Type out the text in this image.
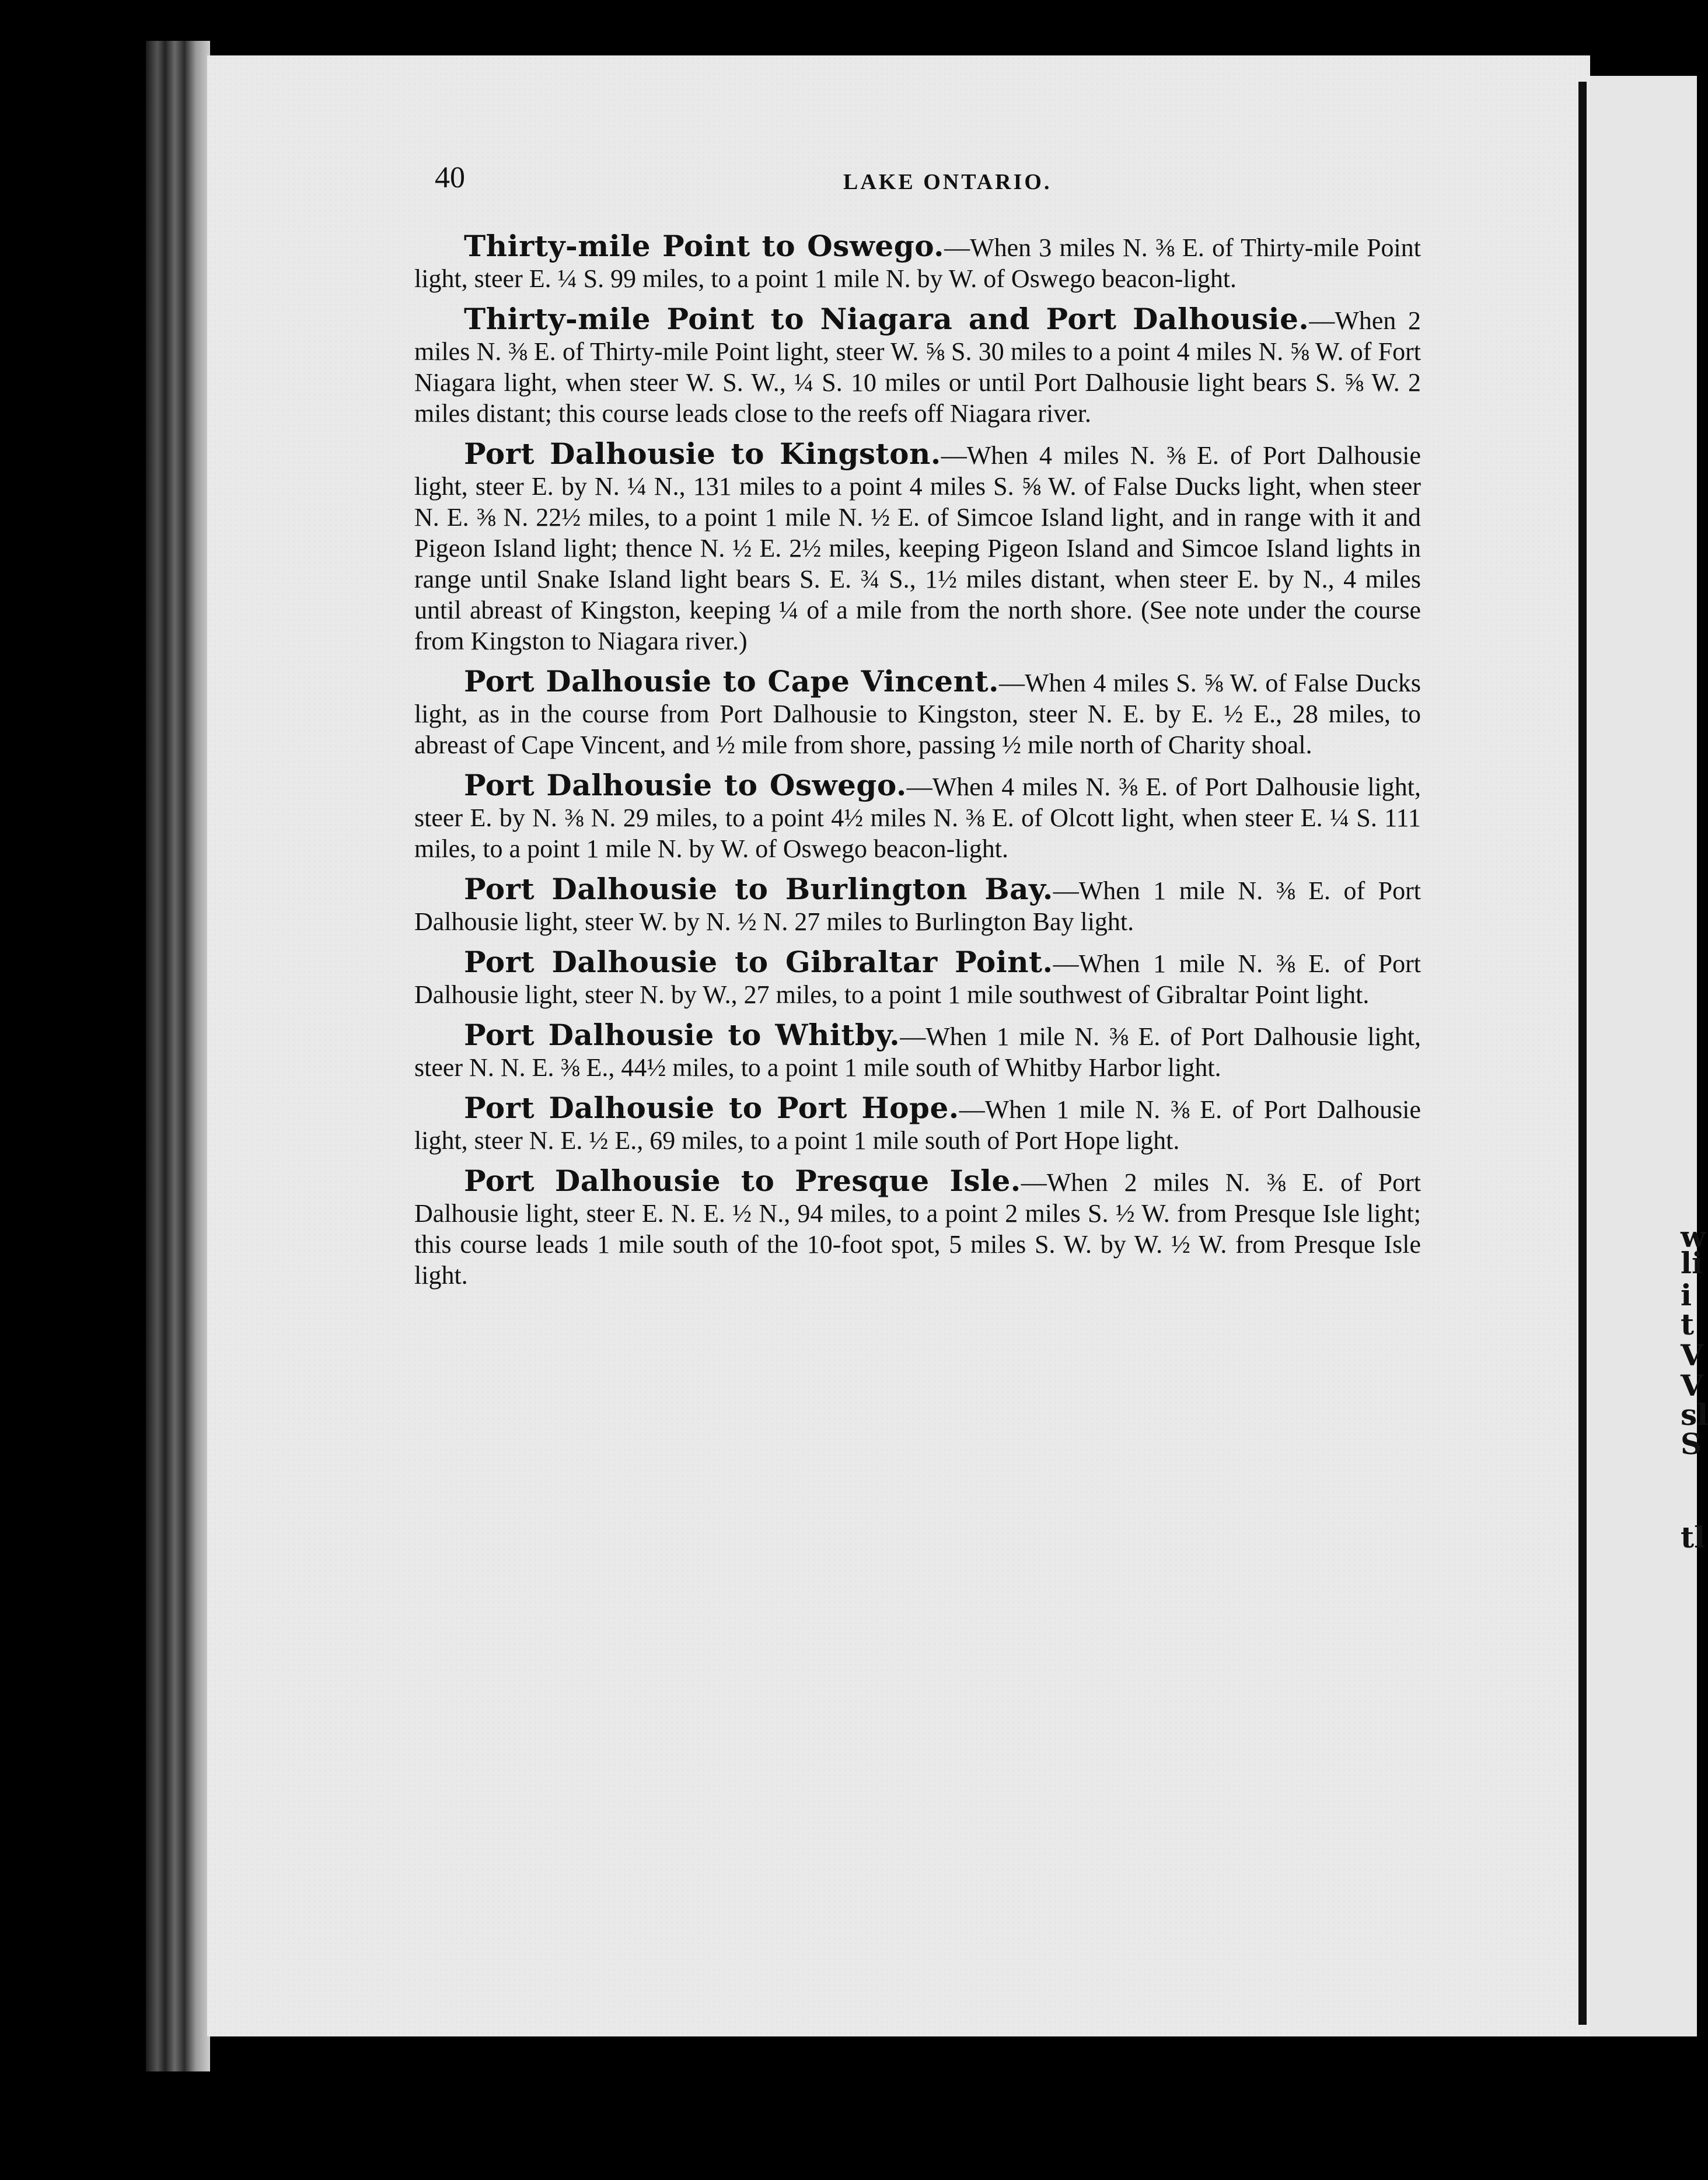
w
li
i
t
V
V
sl
S
tl
40	LAKE ONTARIO.

Thirty-mile Point to Oswego.—When 3 miles N. ⅜ E. of Thirty-mile Point light, steer E. ¼ S. 99 miles, to a point 1 mile N. by W. of Oswego beacon-light.

Thirty-mile Point to Niagara and Port Dalhousie.—When 2 miles N. ⅜ E. of Thirty-mile Point light, steer W. ⅝ S. 30 miles to a point 4 miles N. ⅝ W. of Fort Niagara light, when steer W. S. W., ¼ S. 10 miles or until Port Dalhousie light bears S. ⅝ W. 2 miles distant; this course leads close to the reefs off Niagara river.

Port Dalhousie to Kingston.—When 4 miles N. ⅜ E. of Port Dalhousie light, steer E. by N. ¼ N., 131 miles to a point 4 miles S. ⅝ W. of False Ducks light, when steer N. E. ⅜ N. 22½ miles, to a point 1 mile N. ½ E. of Simcoe Island light, and in range with it and Pigeon Island light; thence N. ½ E. 2½ miles, keeping Pigeon Island and Simcoe Island lights in range until Snake Island light bears S. E. ¾ S., 1½ miles distant, when steer E. by N., 4 miles until abreast of Kingston, keeping ¼ of a mile from the north shore. (See note under the course from Kingston to Niagara river.)

Port Dalhousie to Cape Vincent.—When 4 miles S. ⅝ W. of False Ducks light, as in the course from Port Dalhousie to Kingston, steer N. E. by E. ½ E., 28 miles, to abreast of Cape Vincent, and ½ mile from shore, passing ½ mile north of Charity shoal.

Port Dalhousie to Oswego.—When 4 miles N. ⅜ E. of Port Dalhousie light, steer E. by N. ⅜ N. 29 miles, to a point 4½ miles N. ⅜ E. of Olcott light, when steer E. ¼ S. 111 miles, to a point 1 mile N. by W. of Oswego beacon-light.

Port Dalhousie to Burlington Bay.—When 1 mile N. ⅜ E. of Port Dalhousie light, steer W. by N. ½ N. 27 miles to Burlington Bay light.

Port Dalhousie to Gibraltar Point.—When 1 mile N. ⅜ E. of Port Dalhousie light, steer N. by W., 27 miles, to a point 1 mile southwest of Gibraltar Point light.

Port Dalhousie to Whitby.—When 1 mile N. ⅜ E. of Port Dalhousie light, steer N. N. E. ⅜ E., 44½ miles, to a point 1 mile south of Whitby Harbor light.

Port Dalhousie to Port Hope.—When 1 mile N. ⅜ E. of Port Dalhousie light, steer N. E. ½ E., 69 miles, to a point 1 mile south of Port Hope light.

Port Dalhousie to Presque Isle.—When 2 miles N. ⅜ E. of Port Dalhousie light, steer E. N. E. ½ N., 94 miles, to a point 2 miles S. ½ W. from Presque Isle light; this course leads 1 mile south of the 10-foot spot, 5 miles S. W. by W. ½ W. from Presque Isle light.
